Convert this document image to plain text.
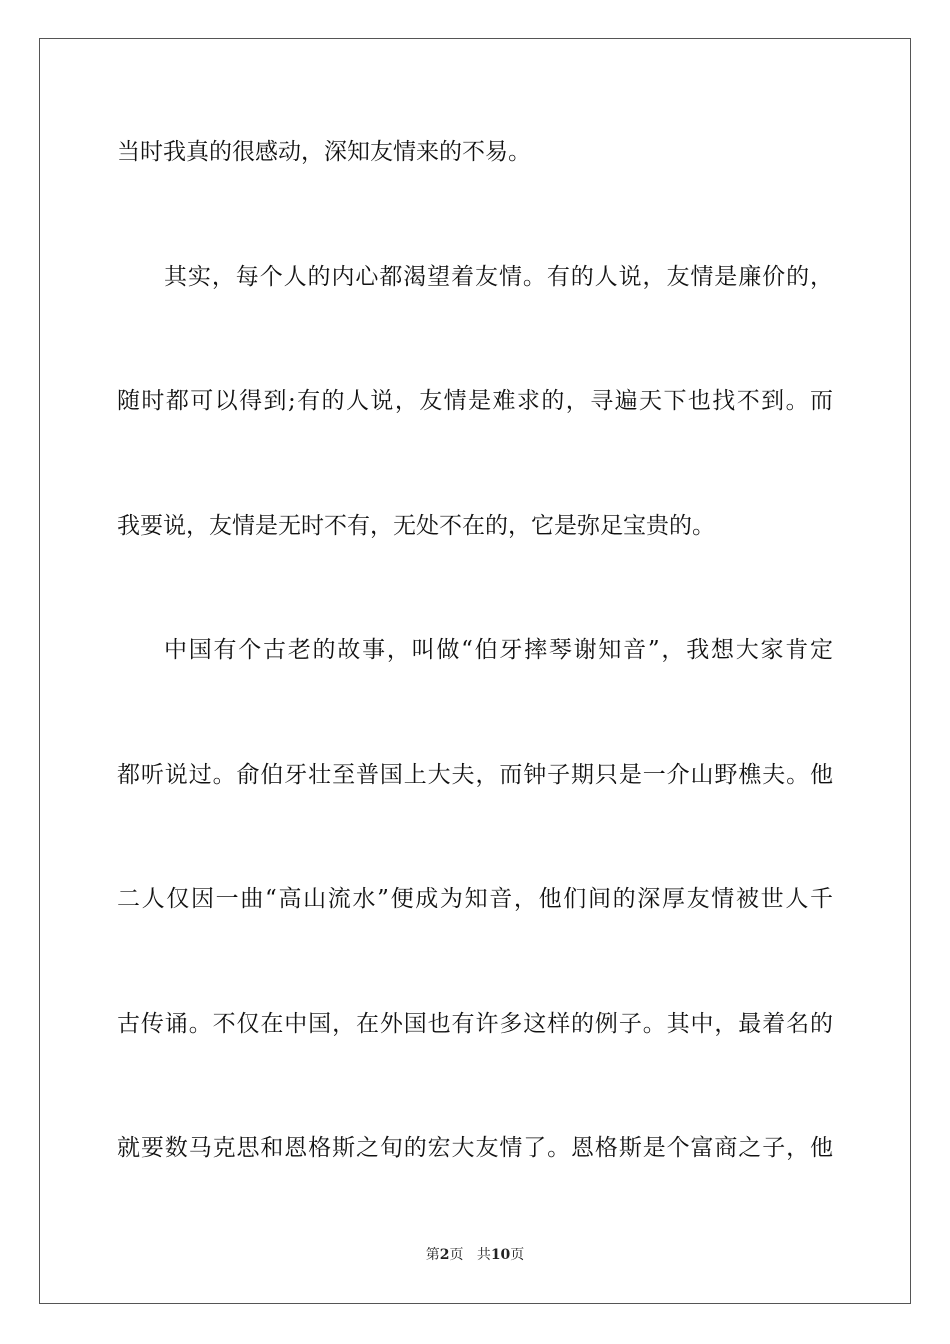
当时我真的很感动，深知友情来的不易。
其实，每个人的内心都渴望着友情。有的人说，友情是廉价的，
随时都可以得到;有的人说，友情是难求的，寻遍天下也找不到。而
我要说，友情是无时不有，无处不在的，它是弥足宝贵的。
中国有个古老的故事，叫做“伯牙摔琴谢知音”，我想大家肯定
都听说过。俞伯牙壮至普国上大夫，而钟子期只是一介山野樵夫。他
二人仅因一曲“高山流水”便成为知音，他们间的深厚友情被世人千
古传诵。不仅在中国，在外国也有许多这样的例子。其中，最着名的
就要数马克思和恩格斯之旬的宏大友情了。恩格斯是个富商之子，他
第2页 共10页
